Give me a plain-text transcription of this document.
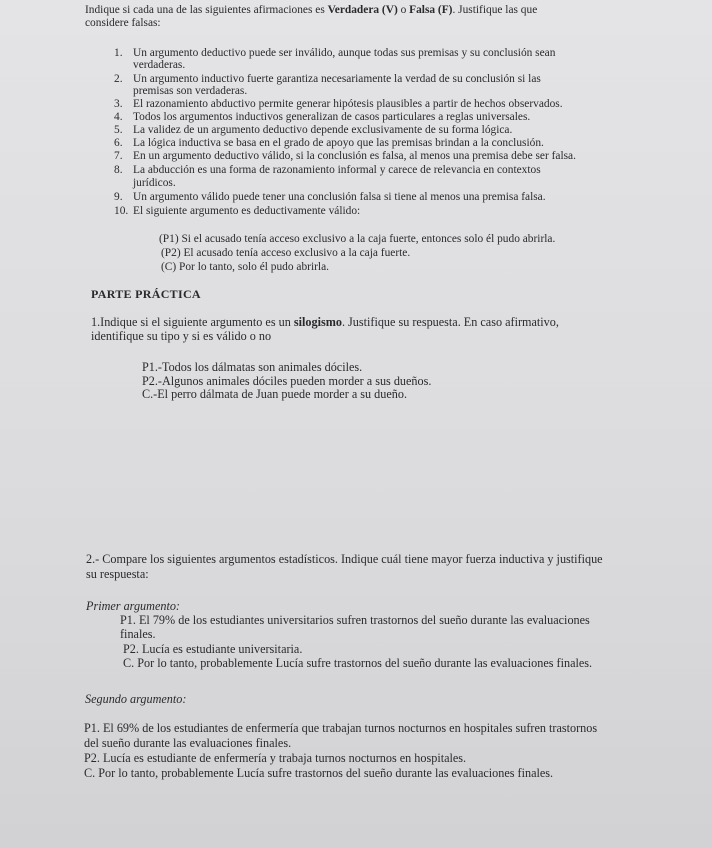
Indique si cada una de las siguientes afirmaciones es Verdadera (V) o Falsa (F). Justifique las que
considere falsas:
1. Un argumento deductivo puede ser inválido, aunque todas sus premisas y su conclusión sean
verdaderas.
2. Un argumento inductivo fuerte garantiza necesariamente la verdad de su conclusión si las
premisas son verdaderas.
3. El razonamiento abductivo permite generar hipótesis plausibles a partir de hechos observados.
4. Todos los argumentos inductivos generalizan de casos particulares a reglas universales.
5. La validez de un argumento deductivo depende exclusivamente de su forma lógica.
6. La lógica inductiva se basa en el grado de apoyo que las premisas brindan a la conclusión.
7. En un argumento deductivo válido, si la conclusión es falsa, al menos una premisa debe ser falsa.
8. La abducción es una forma de razonamiento informal y carece de relevancia en contextos
jurídicos.
9. Un argumento válido puede tener una conclusión falsa si tiene al menos una premisa falsa.
10. El siguiente argumento es deductivamente válido:
(P1) Si el acusado tenía acceso exclusivo a la caja fuerte, entonces solo él pudo abrirla.
(P2) El acusado tenía acceso exclusivo a la caja fuerte.
(C) Por lo tanto, solo él pudo abrirla.
PARTE PRÁCTICA
1.Indique si el siguiente argumento es un silogismo. Justifique su respuesta. En caso afirmativo,
identifique su tipo y si es válido o no
P1.-Todos los dálmatas son animales dóciles.
P2.-Algunos animales dóciles pueden morder a sus dueños.
C.-El perro dálmata de Juan puede morder a su dueño.
2.- Compare los siguientes argumentos estadísticos. Indique cuál tiene mayor fuerza inductiva y justifique
su respuesta:
Primer argumento:
P1. El 79% de los estudiantes universitarios sufren trastornos del sueño durante las evaluaciones
finales.
P2. Lucía es estudiante universitaria.
C. Por lo tanto, probablemente Lucía sufre trastornos del sueño durante las evaluaciones finales.
Segundo argumento:
P1. El 69% de los estudiantes de enfermería que trabajan turnos nocturnos en hospitales sufren trastornos
del sueño durante las evaluaciones finales.
P2. Lucía es estudiante de enfermería y trabaja turnos nocturnos en hospitales.
C. Por lo tanto, probablemente Lucía sufre trastornos del sueño durante las evaluaciones finales.
